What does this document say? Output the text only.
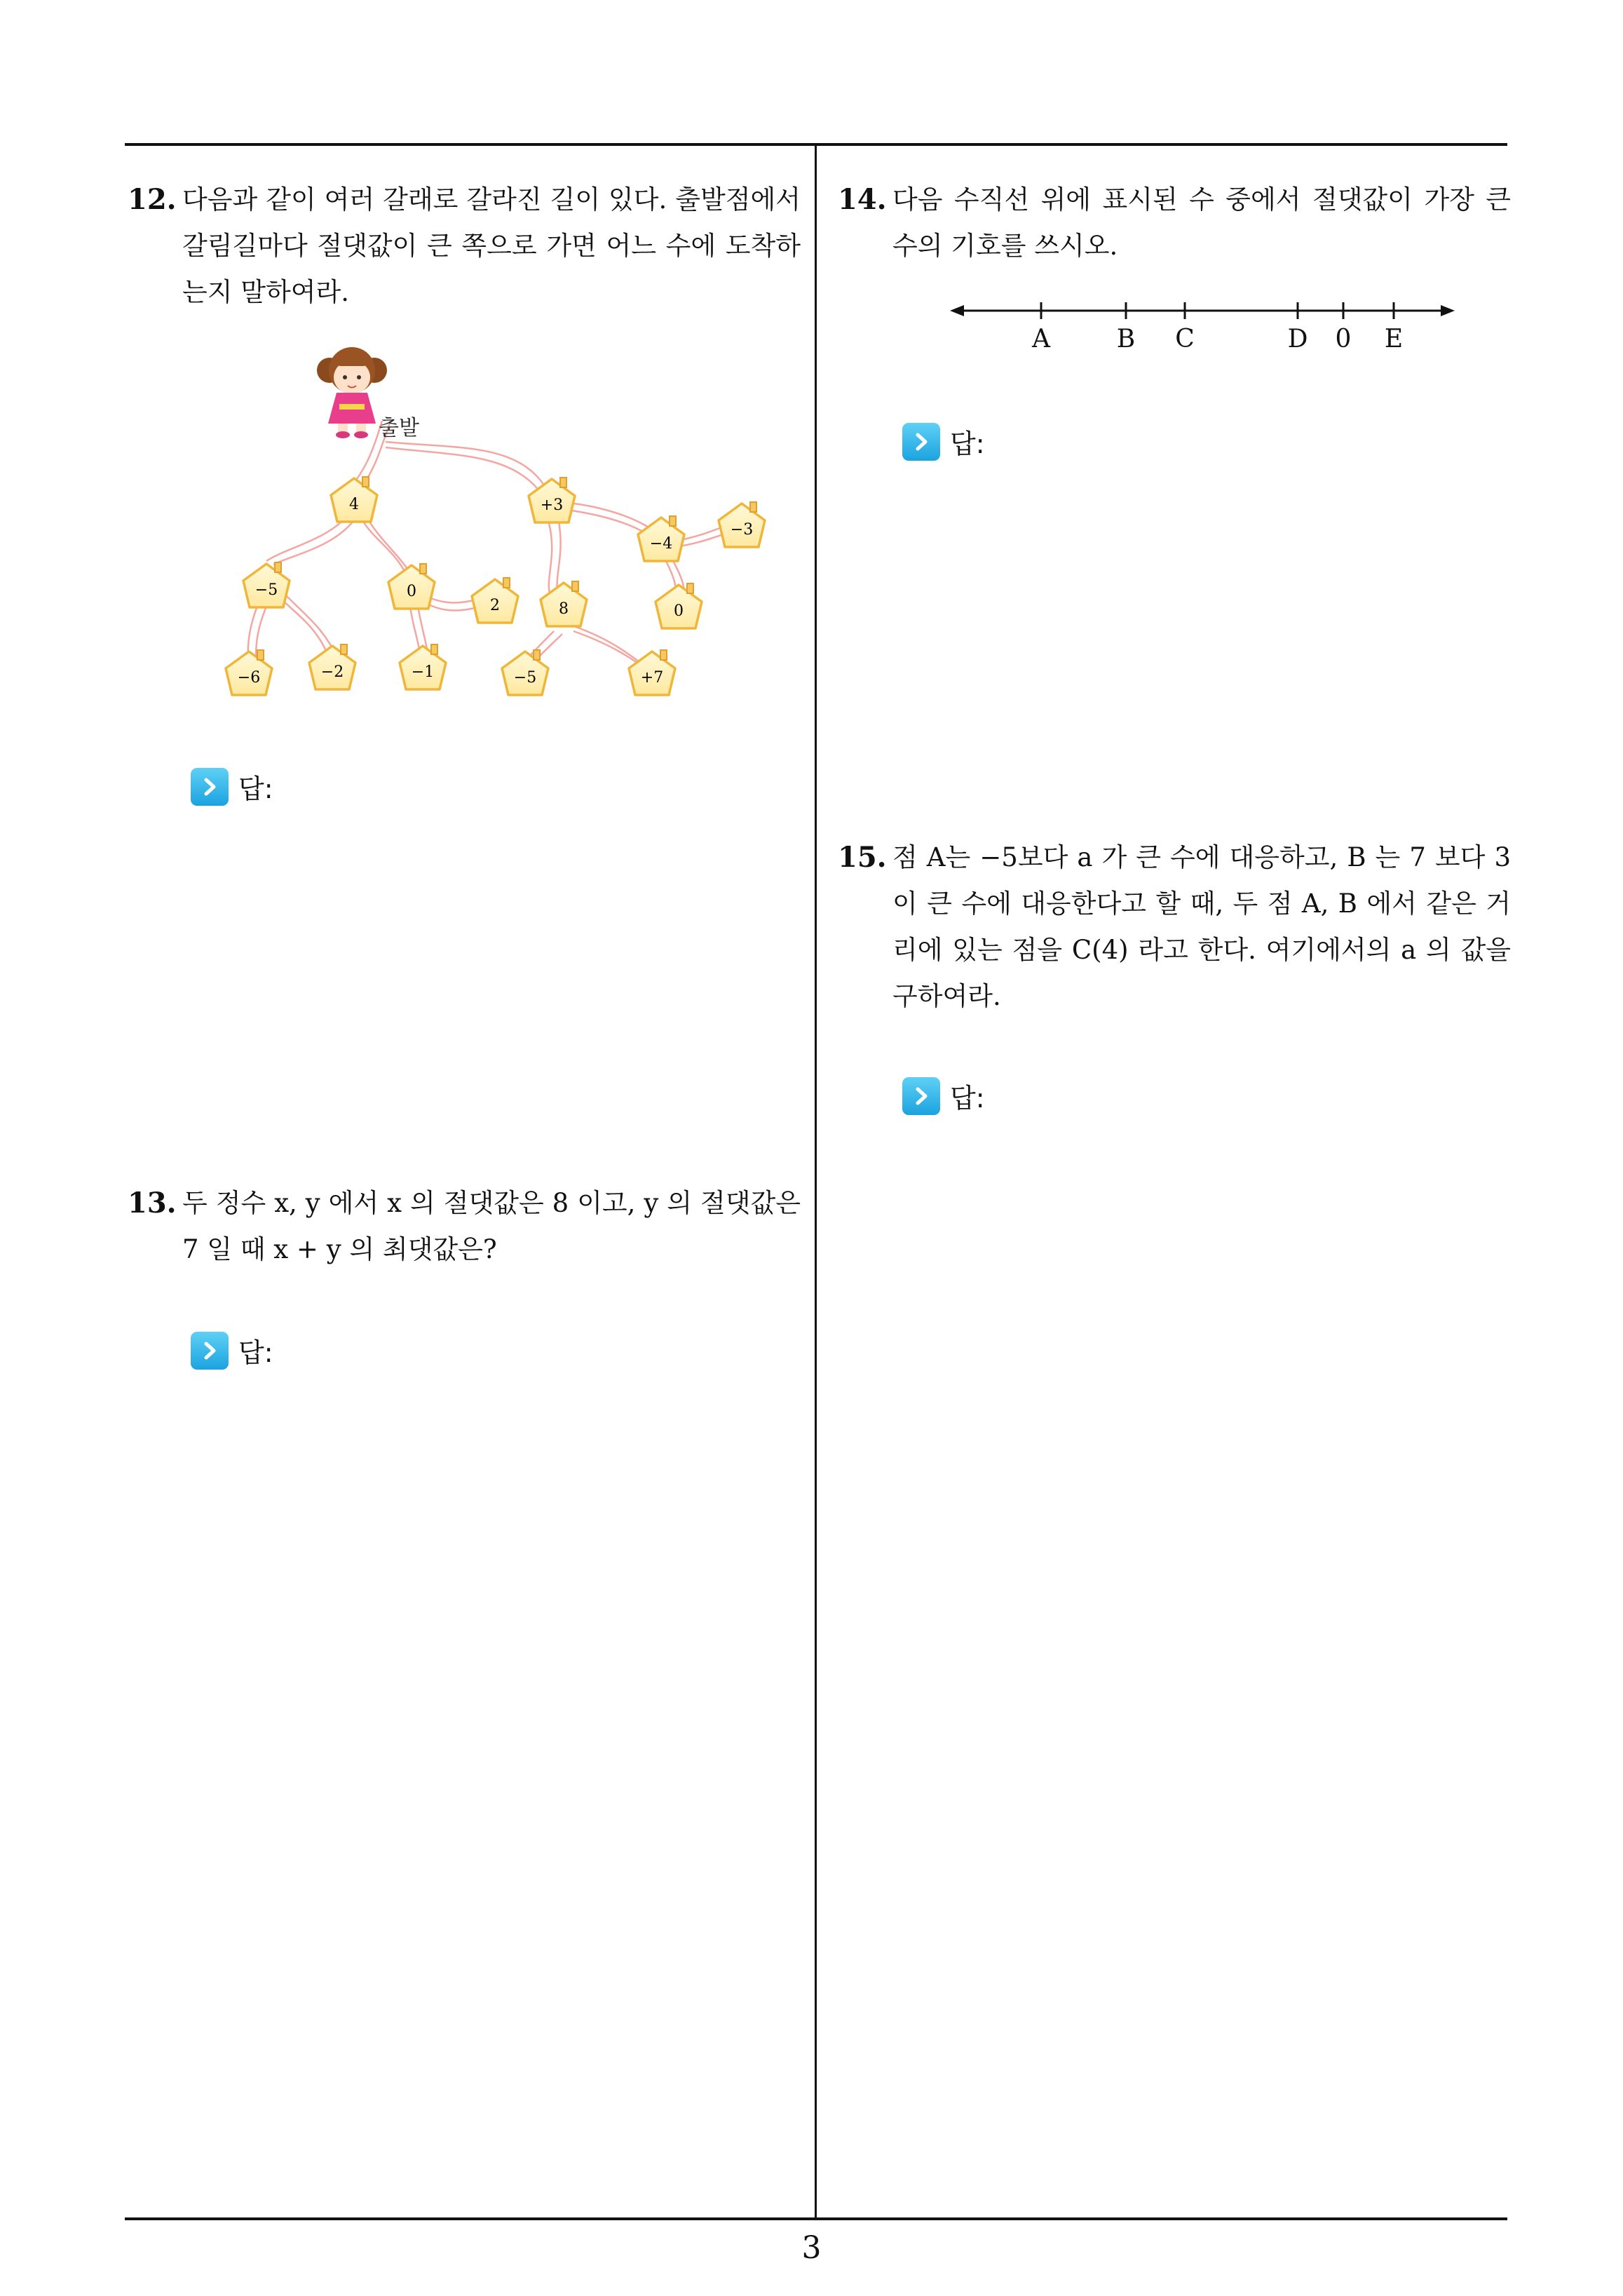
12. 다음과 같이 여러 갈래로 갈라진 길이 있다. 출발점에서 갈림길마다 절댓값이 큰 쪽으로 가면 어느 수에 도착하는지 말하여라.
출발
4	+3
−4
−3
−5	0
2	8	0
−6	−2	−1	−5	+7
답:
13. 두 정수 x, y 에서 x 의 절댓값은 8 이고, y 의 절댓값은 7 일 때 x + y 의 최댓값은?
답:
14. 다음 수직선 위에 표시된 수 중에서 절댓값이 가장 큰 수의 기호를 쓰시오.
A	B C	D 0 E
답:
15. 점 A는 −5보다 a 가 큰 수에 대응하고, B 는 7 보다 3 이 큰 수에 대응한다고 할 때, 두 점 A, B 에서 같은 거리에 있는 점을 C(4) 라고 한다. 여기에서의 a 의 값을 구하여라.
답:
3
